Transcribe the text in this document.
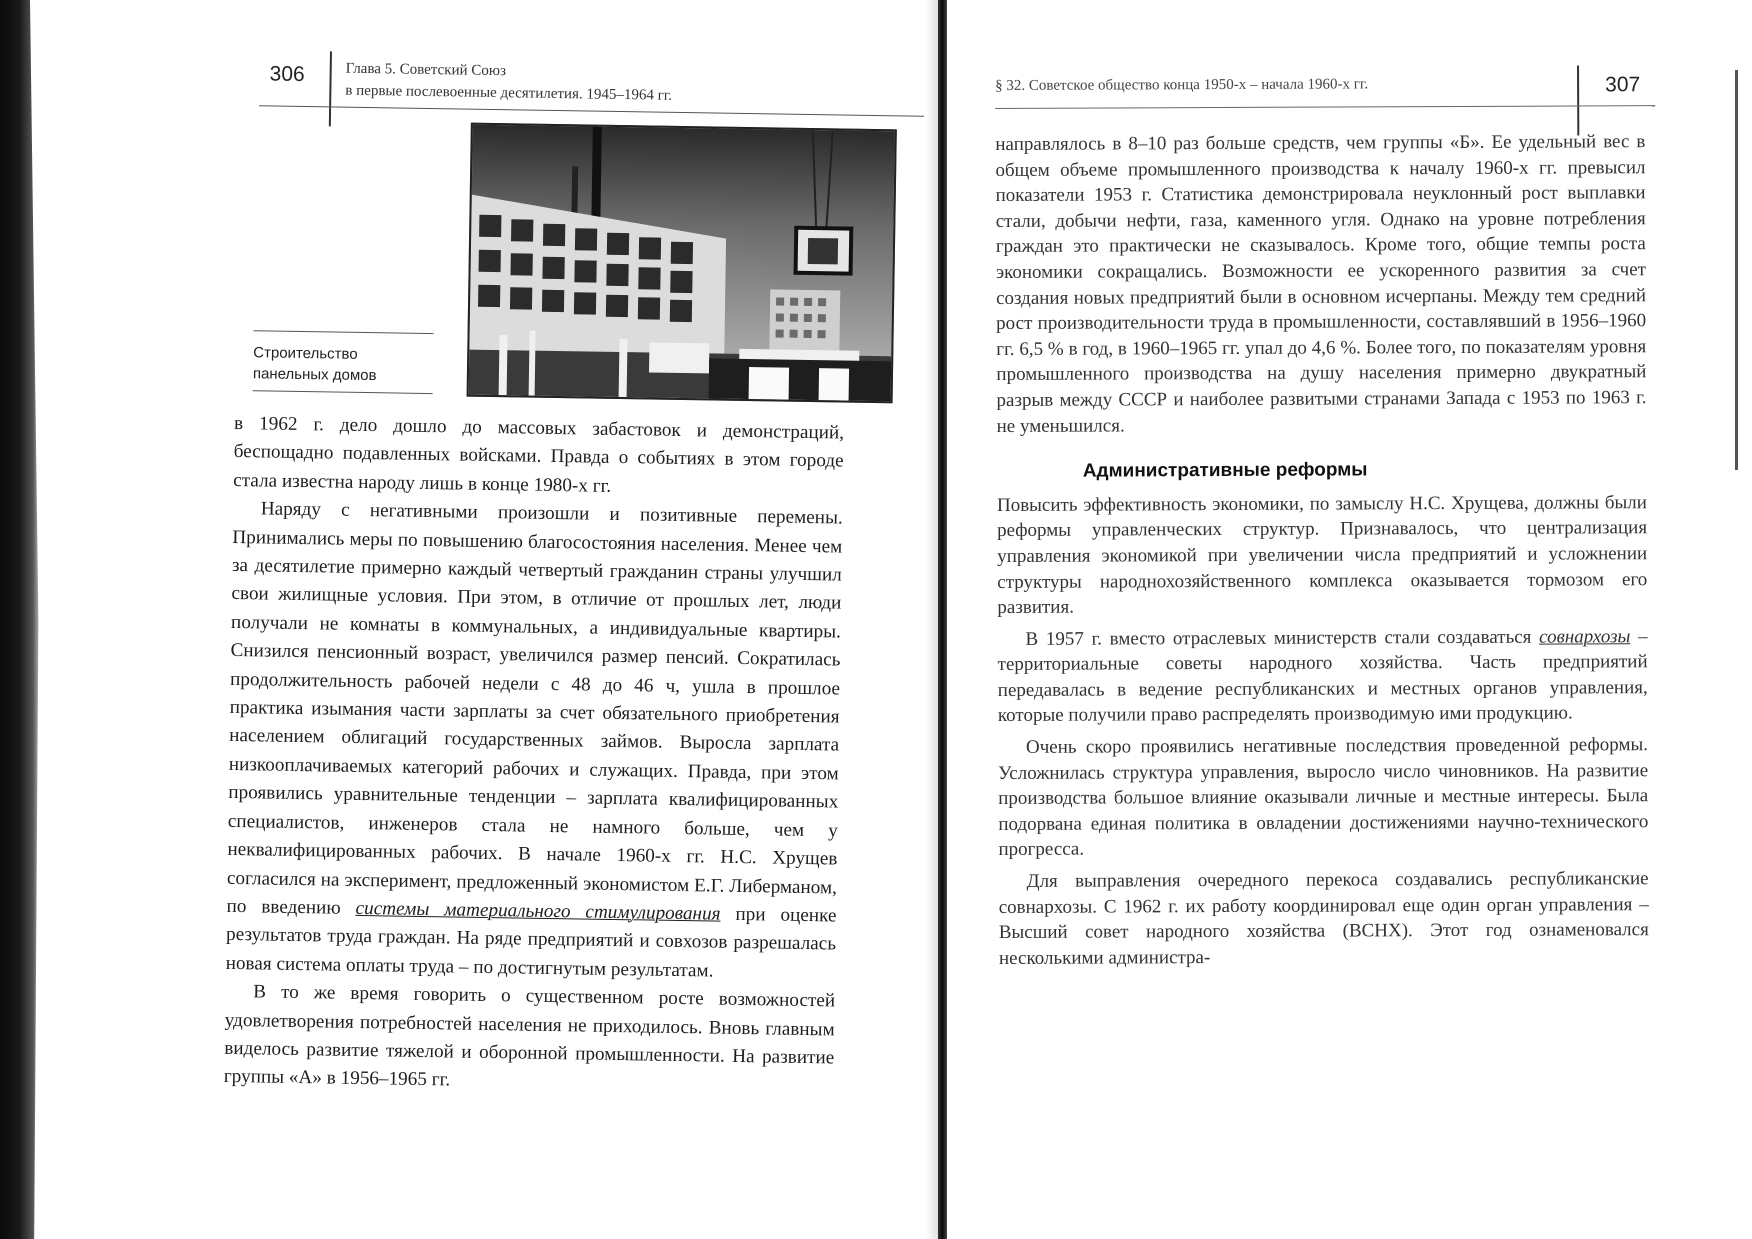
306	Глава 5. Советский Союз
в первые послевоенные десятилетия. 1945–1964 гг.
Строительство
панельных домов

в 1962 г. дело дошло до массовых забастовок и демонстраций, беспощадно подавленных войсками. Правда о событиях в этом городе стала известна народу лишь в конце 1980-х гг.

Наряду с негативными произошли и позитивные перемены. Принимались меры по повышению благосостояния населения. Менее чем за десятилетие примерно каждый четвертый гражданин страны улучшил свои жилищные условия. При этом, в отличие от прошлых лет, люди получали не комнаты в коммунальных, а индивидуальные квартиры. Снизился пенсионный возраст, увеличился размер пенсий. Сократилась продолжительность рабочей недели с 48 до 46 ч, ушла в прошлое практика изымания части зарплаты за счет обязательного приобретения населением облигаций государственных займов. Выросла зарплата низкооплачиваемых категорий рабочих и служащих. Правда, при этом проявились уравнительные тенденции – зарплата квалифицированных специалистов, инженеров стала не намного больше, чем у неквалифицированных рабочих. В начале 1960-х гг. Н.С. Хрущев согласился на эксперимент, предложенный экономистом Е.Г. Либерманом, по введению системы материального стимулирования при оценке результатов труда граждан. На ряде предприятий и совхозов разрешалась новая система оплаты труда – по достигнутым результатам.

В то же время говорить о существенном росте возможностей удовлетворения потребностей населения не приходилось. Вновь главным виделось развитие тяжелой и оборонной промышленности. На развитие группы «А» в 1956–1965 гг.

§ 32. Советское общество конца 1950-х – начала 1960-х гг.	307

направлялось в 8–10 раз больше средств, чем группы «Б». Ее удельный вес в общем объеме промышленного производства к началу 1960-х гг. превысил показатели 1953 г. Статистика демонстрировала неуклонный рост выплавки стали, добычи нефти, газа, каменного угля. Однако на уровне потребления граждан это практически не сказывалось. Кроме того, общие темпы роста экономики сокращались. Возможности ее ускоренного развития за счет создания новых предприятий были в основном исчерпаны. Между тем средний рост производительности труда в промышленности, составлявший в 1956–1960 гг. 6,5 % в год, в 1960–1965 гг. упал до 4,6 %. Более того, по показателям уровня промышленного производства на душу населения примерно двукратный разрыв между СССР и наиболее развитыми странами Запада с 1953 по 1963 г. не уменьшился.

Административные реформы

Повысить эффективность экономики, по замыслу Н.С. Хрущева, должны были реформы управленческих структур. Признавалось, что централизация управления экономикой при увеличении числа предприятий и усложнении структуры народнохозяйственного комплекса оказывается тормозом его развития.

В 1957 г. вместо отраслевых министерств стали создаваться совнархозы – территориальные советы народного хозяйства. Часть предприятий передавалась в ведение республиканских и местных органов управления, которые получили право распределять производимую ими продукцию.

Очень скоро проявились негативные последствия проведенной реформы. Усложнилась структура управления, выросло число чиновников. На развитие производства большое влияние оказывали личные и местные интересы. Была подорвана единая политика в овладении достижениями научно-технического прогресса.

Для выправления очередного перекоса создавались республиканские совнархозы. С 1962 г. их работу координировал еще один орган управления – Высший совет народного хозяйства (ВСНХ). Этот год ознаменовался несколькими администра-
